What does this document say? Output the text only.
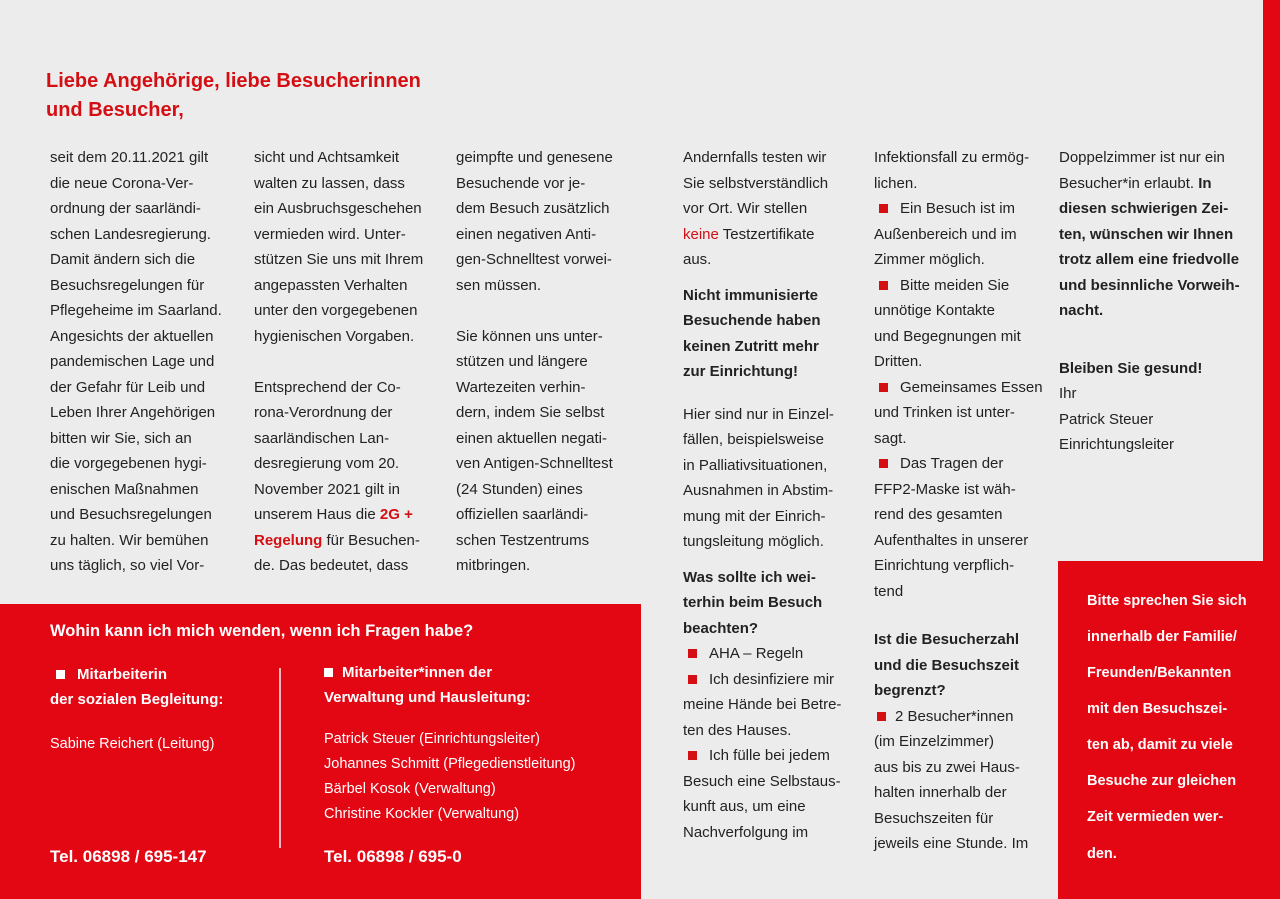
Liebe Angehörige, liebe Besucherinnen
und Besucher,
seit dem 20.11.2021 gilt
die neue Corona-Ver-
ordnung der saarländi-
schen Landesregierung.
Damit ändern sich die
Besuchsregelungen für
Pflegeheime im Saarland.
Angesichts der aktuellen
pandemischen Lage und
der Gefahr für Leib und
Leben Ihrer Angehörigen
bitten wir Sie, sich an
die vorgegebenen hygi-
enischen Maßnahmen
und Besuchsregelungen
zu halten. Wir bemühen
uns täglich, so viel Vor-
sicht und Achtsamkeit
walten zu lassen, dass
ein Ausbruchsgeschehen
vermieden wird. Unter-
stützen Sie uns mit Ihrem
angepassten Verhalten
unter den vorgegebenen
hygienischen Vorgaben.
Entsprechend der Co-
rona-Verordnung der
saarländischen Lan-
desregierung vom 20.
November 2021 gilt in
unserem Haus die 2G +
Regelung für Besuchen-
de. Das bedeutet, dass
geimpfte und genesene
Besuchende vor je-
dem Besuch zusätzlich
einen negativen Anti-
gen-Schnelltest vorwei-
sen müssen.
Sie können uns unter-
stützen und längere
Wartezeiten verhin-
dern, indem Sie selbst
einen aktuellen negati-
ven Antigen-Schnelltest
(24 Stunden) eines
offiziellen saarländi-
schen Testzentrums
mitbringen.
Andernfalls testen wir
Sie selbstverständlich
vor Ort. Wir stellen
keine Testzertifikate
aus.
Nicht immunisierte
Besuchende haben
keinen Zutritt mehr
zur Einrichtung!
Hier sind nur in Einzel-
fällen, beispielsweise
in Palliativsituationen,
Ausnahmen in Abstim-
mung mit der Einrich-
tungsleitung möglich.
Was sollte ich wei-
terhin beim Besuch
beachten?
AHA – Regeln
Ich desinfiziere mir
meine Hände bei Betre-
ten des Hauses.
Ich fülle bei jedem
Besuch eine Selbstaus-
kunft aus, um eine
Nachverfolgung im
Infektionsfall zu ermög-
lichen.
Ein Besuch ist im
Außenbereich und im
Zimmer möglich.
Bitte meiden Sie
unnötige Kontakte
und Begegnungen mit
Dritten.
Gemeinsames Essen
und Trinken ist unter-
sagt.
Das Tragen der
FFP2-Maske ist wäh-
rend des gesamten
Aufenthaltes in unserer
Einrichtung verpflich-
tend
Ist die Besucherzahl
und die Besuchszeit
begrenzt?
2 Besucher*innen
(im Einzelzimmer)
aus bis zu zwei Haus-
halten innerhalb der
Besuchszeiten für
jeweils eine Stunde. Im
Doppelzimmer ist nur ein
Besucher*in erlaubt. In
diesen schwierigen Zei-
ten, wünschen wir Ihnen
trotz allem eine friedvolle
und besinnliche Vorweih-
nacht.
Bleiben Sie gesund!
Ihr
Patrick Steuer
Einrichtungsleiter
Bitte sprechen Sie sich
innerhalb der Familie/
Freunden/Bekannten
mit den Besuchszei-
ten ab, damit zu viele
Besuche zur gleichen
Zeit vermieden wer-
den.
Wohin kann ich mich wenden, wenn ich Fragen habe?
Mitarbeiterin
der sozialen Begleitung:
Sabine Reichert (Leitung)
Mitarbeiter*innen der
Verwaltung und Hausleitung:
Patrick Steuer (Einrichtungsleiter)
Johannes Schmitt (Pflegedienstleitung)
Bärbel Kosok (Verwaltung)
Christine Kockler (Verwaltung)
Tel. 06898 / 695-147	Tel. 06898 / 695-0
